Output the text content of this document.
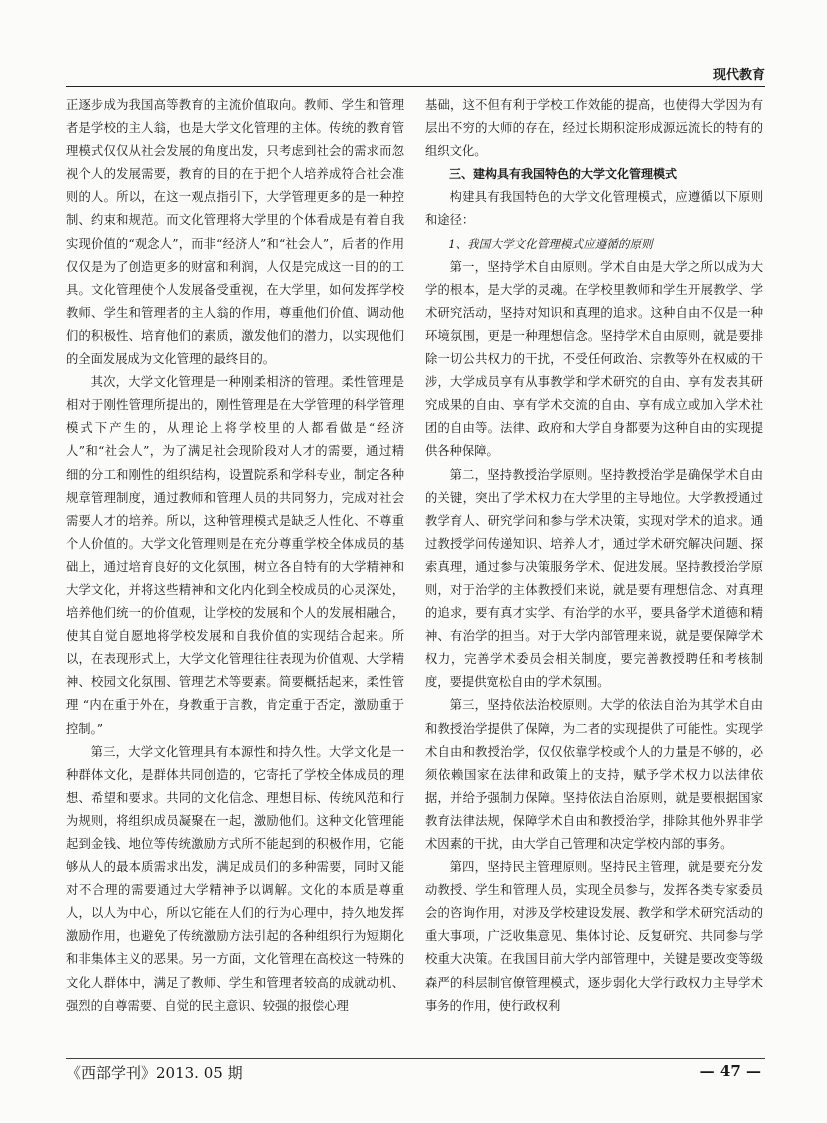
现代教育

正逐步成为我国高等教育的主流价值取向。教师、学生和管理者是学校的主人翁，也是大学文化管理的主体。传统的教育管理模式仅仅从社会发展的角度出发，只考虑到社会的需求而忽视个人的发展需要，教育的目的在于把个人培养成符合社会准则的人。所以，在这一观点指引下，大学管理更多的是一种控制、约束和规范。而文化管理将大学里的个体看成是有着自我实现价值的“观念人”，而非“经济人”和“社会人”，后者的作用仅仅是为了创造更多的财富和利润，人仅是完成这一目的的工具。文化管理使个人发展备受重视，在大学里，如何发挥学校教师、学生和管理者的主人翁的作用，尊重他们价值、调动他们的积极性、培育他们的素质，激发他们的潜力，以实现他们的全面发展成为文化管理的最终目的。

其次，大学文化管理是一种刚柔相济的管理。柔性管理是相对于刚性管理所提出的，刚性管理是在大学管理的科学管理模式下产生的，从理论上将学校里的人都看做是“经济人”和“社会人”，为了满足社会现阶段对人才的需要，通过精细的分工和刚性的组织结构，设置院系和学科专业，制定各种规章管理制度，通过教师和管理人员的共同努力，完成对社会需要人才的培养。所以，这种管理模式是缺乏人性化、不尊重个人价值的。大学文化管理则是在充分尊重学校全体成员的基础上，通过培育良好的文化氛围，树立各自特有的大学精神和大学文化，并将这些精神和文化内化到全校成员的心灵深处，培养他们统一的价值观，让学校的发展和个人的发展相融合，使其自觉自愿地将学校发展和自我价值的实现结合起来。所以，在表现形式上，大学文化管理往往表现为价值观、大学精神、校园文化氛围、管理艺术等要素。简要概括起来，柔性管理 “内在重于外在，身教重于言教，肯定重于否定，激励重于控制。”

第三，大学文化管理具有本源性和持久性。大学文化是一种群体文化，是群体共同创造的，它寄托了学校全体成员的理想、希望和要求。共同的文化信念、理想目标、传统风范和行为规则，将组织成员凝聚在一起，激励他们。这种文化管理能起到金钱、地位等传统激励方式所不能起到的积极作用，它能够从人的最本质需求出发，满足成员们的多种需要，同时又能对不合理的需要通过大学精神予以调解。文化的本质是尊重人，以人为中心，所以它能在人们的行为心理中，持久地发挥激励作用，也避免了传统激励方法引起的各种组织行为短期化和非集体主义的恶果。另一方面，文化管理在高校这一特殊的文化人群体中，满足了教师、学生和管理者较高的成就动机、强烈的自尊需要、自觉的民主意识、较强的报偿心理

基础，这不但有利于学校工作效能的提高，也使得大学因为有层出不穷的大师的存在，经过长期积淀形成源远流长的特有的组织文化。

三、建构具有我国特色的大学文化管理模式

构建具有我国特色的大学文化管理模式，应遵循以下原则和途径：

1、我国大学文化管理模式应遵循的原则

第一，坚持学术自由原则。学术自由是大学之所以成为大学的根本，是大学的灵魂。在学校里教师和学生开展教学、学术研究活动，坚持对知识和真理的追求。这种自由不仅是一种环境氛围，更是一种理想信念。坚持学术自由原则，就是要排除一切公共权力的干扰，不受任何政治、宗教等外在权威的干涉，大学成员享有从事教学和学术研究的自由、享有发表其研究成果的自由、享有学术交流的自由、享有成立或加入学术社团的自由等。法律、政府和大学自身都要为这种自由的实现提供各种保障。

第二，坚持教授治学原则。坚持教授治学是确保学术自由的关键，突出了学术权力在大学里的主导地位。大学教授通过教学育人、研究学问和参与学术决策，实现对学术的追求。通过教授学问传递知识、培养人才，通过学术研究解决问题、探索真理，通过参与决策服务学术、促进发展。坚持教授治学原则，对于治学的主体教授们来说，就是要有理想信念、对真理的追求，要有真才实学、有治学的水平，要具备学术道德和精神、有治学的担当。对于大学内部管理来说，就是要保障学术权力，完善学术委员会相关制度，要完善教授聘任和考核制度，要提供宽松自由的学术氛围。

第三，坚持依法治校原则。大学的依法自治为其学术自由和教授治学提供了保障，为二者的实现提供了可能性。实现学术自由和教授治学，仅仅依靠学校或个人的力量是不够的，必须依赖国家在法律和政策上的支持，赋予学术权力以法律依据，并给予强制力保障。坚持依法自治原则，就是要根据国家教育法律法规，保障学术自由和教授治学，排除其他外界非学术因素的干扰，由大学自己管理和决定学校内部的事务。

第四，坚持民主管理原则。坚持民主管理，就是要充分发动教授、学生和管理人员，实现全员参与，发挥各类专家委员会的咨询作用，对涉及学校建设发展、教学和学术研究活动的重大事项，广泛收集意见、集体讨论、反复研究、共同参与学校重大决策。在我国目前大学内部管理中，关键是要改变等级森严的科层制官僚管理模式，逐步弱化大学行政权力主导学术事务的作用，使行政权利

《西部学刊》2013. 05 期	— 47 —
